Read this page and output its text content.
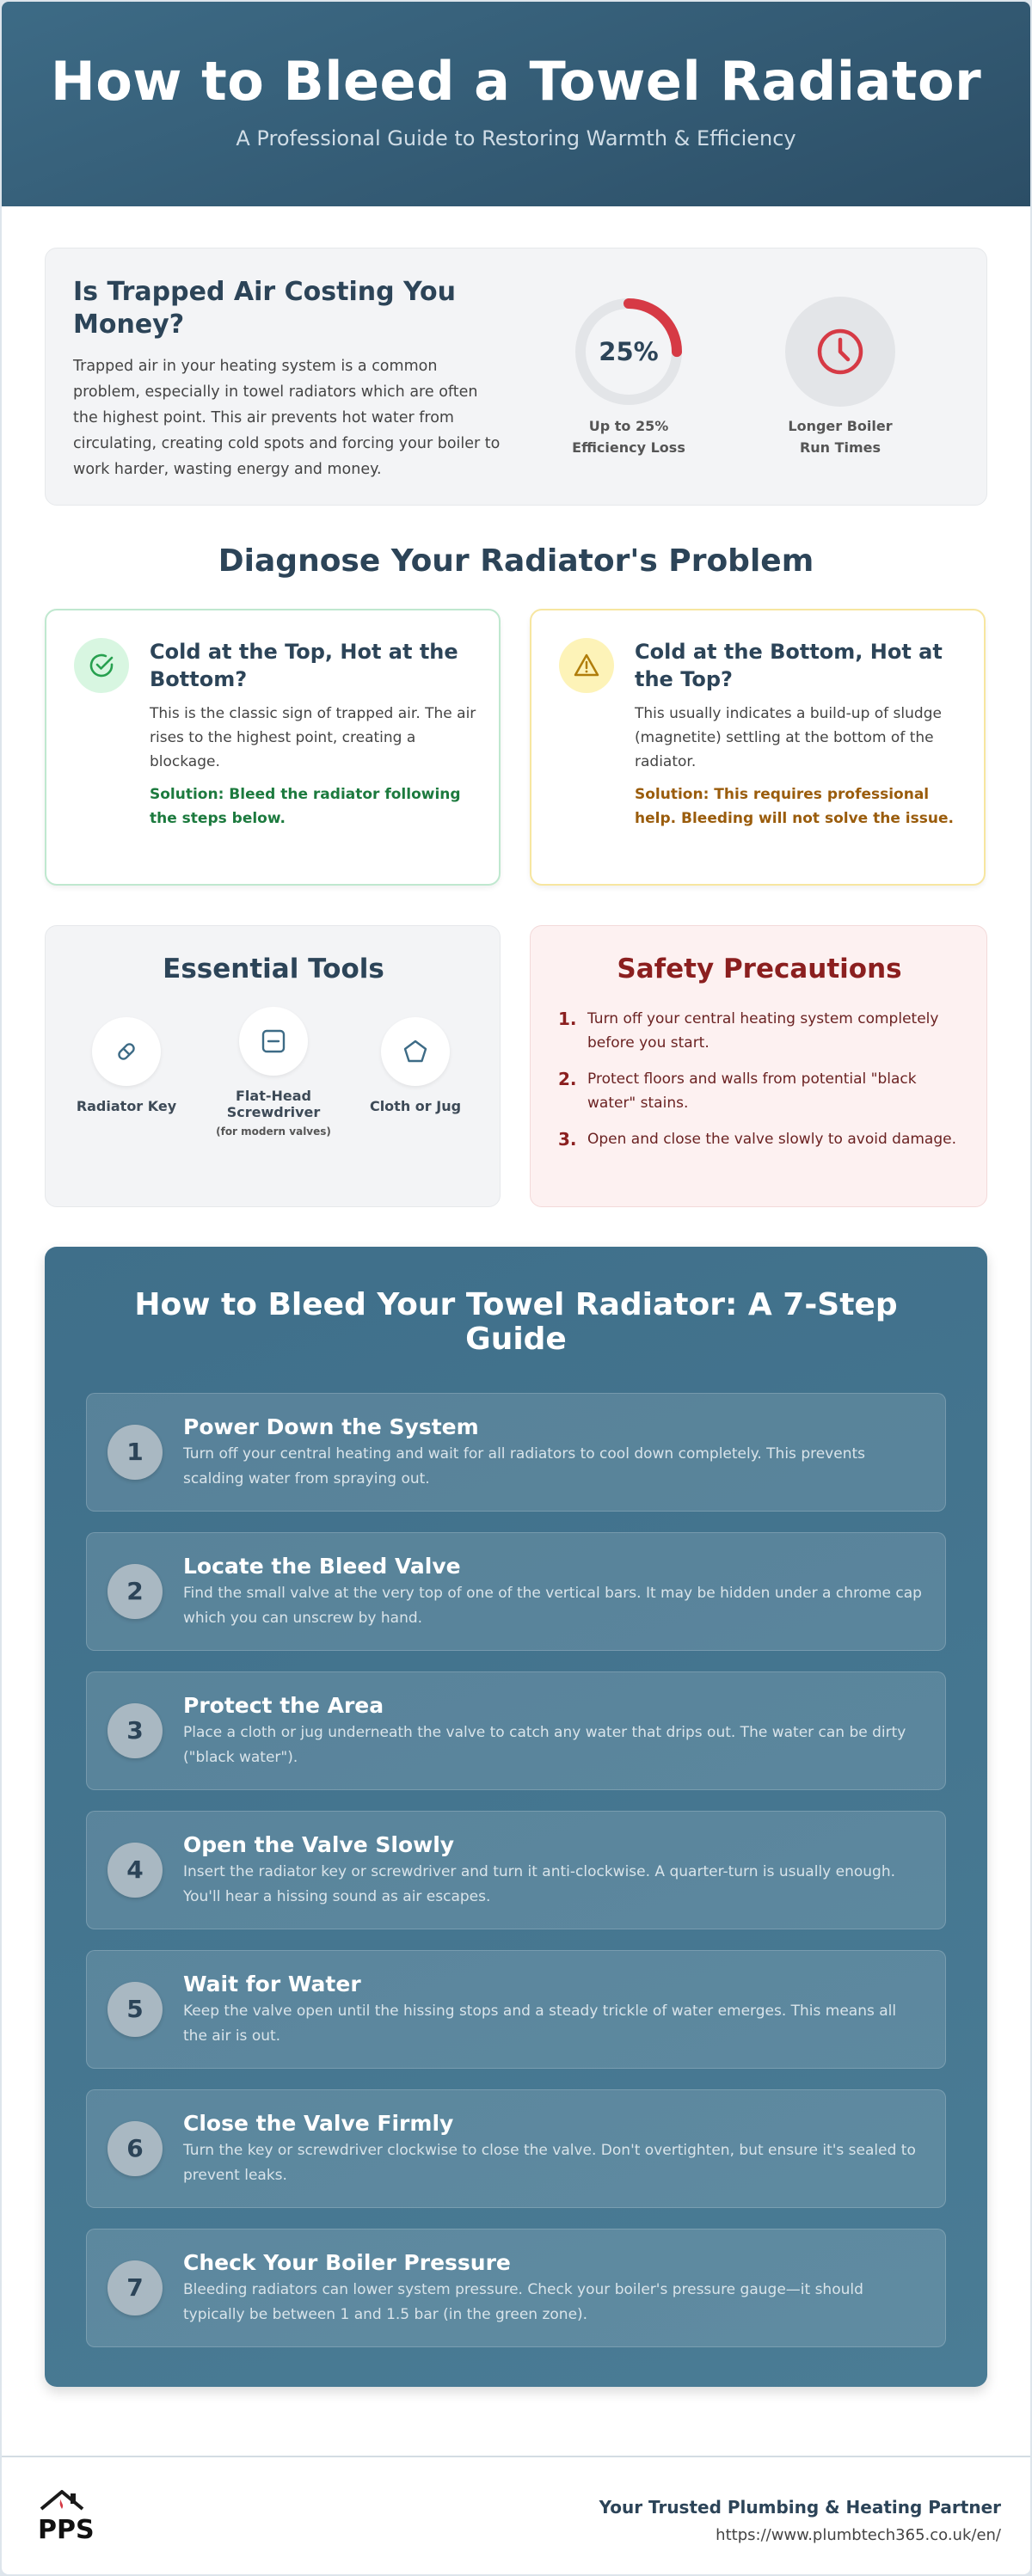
How to Bleed a Towel Radiator

A Professional Guide to Restoring Warmth & Efficiency

Is Trapped Air Costing You Money?

Trapped air in your heating system is a common problem, especially in towel radiators which are often the highest point. This air prevents hot water from circulating, creating cold spots and forcing your boiler to work harder, wasting energy and money.

25%
Up to 25%
Efficiency Loss
Longer Boiler
Run Times
Diagnose Your Radiator's Problem
Cold at the Top, Hot at the Bottom?

This is the classic sign of trapped air. The air rises to the highest point, creating a blockage.

Solution: Bleed the radiator following the steps below.

Cold at the Bottom, Hot at the Top?

This usually indicates a build-up of sludge (magnetite) settling at the bottom of the radiator.

Solution: This requires professional help. Bleeding will not solve the issue.

Essential Tools
Radiator Key
Flat-Head Screwdriver
(for modern valves)
Cloth or Jug
Safety Precautions
1. Turn off your central heating system completely before you start.
2. Protect floors and walls from potential "black water" stains.
3. Open and close the valve slowly to avoid damage.
How to Bleed Your Towel Radiator: A 7-Step Guide
1
Power Down the System
Turn off your central heating and wait for all radiators to cool down completely. This prevents scalding water from spraying out.
2
Locate the Bleed Valve
Find the small valve at the very top of one of the vertical bars. It may be hidden under a chrome cap which you can unscrew by hand.
3
Protect the Area
Place a cloth or jug underneath the valve to catch any water that drips out. The water can be dirty ("black water").
4
Open the Valve Slowly
Insert the radiator key or screwdriver and turn it anti-clockwise. A quarter-turn is usually enough. You'll hear a hissing sound as air escapes.
5
Wait for Water
Keep the valve open until the hissing stops and a steady trickle of water emerges. This means all the air is out.
6
Close the Valve Firmly
Turn the key or screwdriver clockwise to close the valve. Don't overtighten, but ensure it's sealed to prevent leaks.
7
Check Your Boiler Pressure
Bleeding radiators can lower system pressure. Check your boiler's pressure gauge—it should typically be between 1 and 1.5 bar (in the green zone).
PPS
Your Trusted Plumbing & Heating Partner
https://www.plumbtech365.co.uk/en/
